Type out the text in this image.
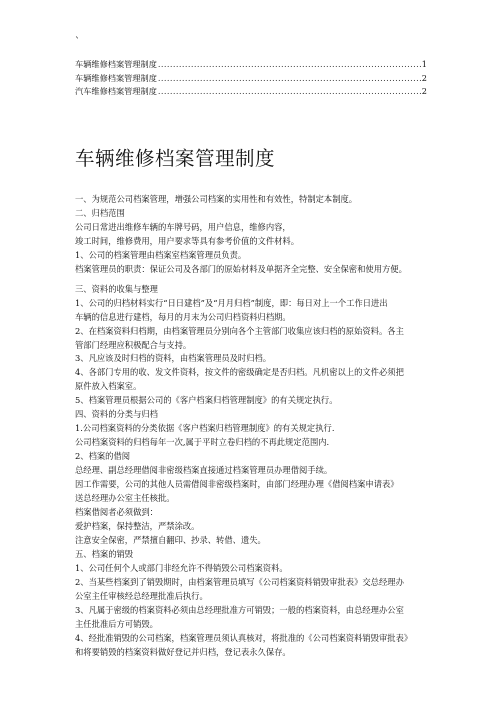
`
车辆维修档案管理制度 .....	1
车辆维修档案管理制度 .....	2
汽车维修档案管理制度 .....	2
车辆维修档案管理制度
一、为规范公司档案管理，增强公司档案的实用性和有效性，特制定本制度。
二、归档范围
公司日常进出维修车辆的车牌号码，用户信息，维修内容，
竣工时间，维修费用，用户要求等具有参考价值的文件材料。
1、公司的档案管理由档案室档案管理员负责。
档案管理员的职责：保证公司及各部门的原始材料及单据齐全完整、安全保密和使用方便。
三、资料的收集与整理
1、公司的归档材料实行“日日建档”及“月月归档”制度，即：每日对上一个工作日进出
车辆的信息进行建档，每月的月末为公司归档资料归档期。
2、在档案资料归档期，由档案管理员分别向各个主管部门收集应该归档的原始资料。各主
管部门经理应积极配合与支持。
3、凡应该及时归档的资料，由档案管理员及时归档。
4、各部门专用的收、发文件资料，按文件的密级确定是否归档。凡机密以上的文件必须把
原件放入档案室。
5、档案管理员根据公司的《客户档案归档管理制度》的有关规定执行。
四、资料的分类与归档
1.公司档案资料的分类依据《客户档案归档管理制度》的有关规定执行.
公司档案资料的归档每年一次,属于平时立卷归档的不再此规定范围内.
2、档案的借阅
总经理、副总经理借阅非密级档案直接通过档案管理员办理借阅手续。
因工作需要，公司的其他人员需借阅非密级档案时，由部门经理办理《借阅档案申请表》
送总经理办公室主任核批。
档案借阅者必须做到：
爱护档案，保持整洁，严禁涂改。
注意安全保密，严禁擅自翻印、抄录、转借、遗失。
五、档案的销毁
1、公司任何个人或部门非经允许不得销毁公司档案资料。
2、当某些档案到了销毁期时，由档案管理员填写《公司档案资料销毁审批表》交总经理办
公室主任审核经总经理批准后执行。
3、凡属于密级的档案资料必须由总经理批准方可销毁；一般的档案资料，由总经理办公室
主任批准后方可销毁。
4、经批准销毁的公司档案，档案管理员须认真核对，将批准的《公司档案资料销毁审批表》
和将要销毁的档案资料做好登记并归档，登记表永久保存。
